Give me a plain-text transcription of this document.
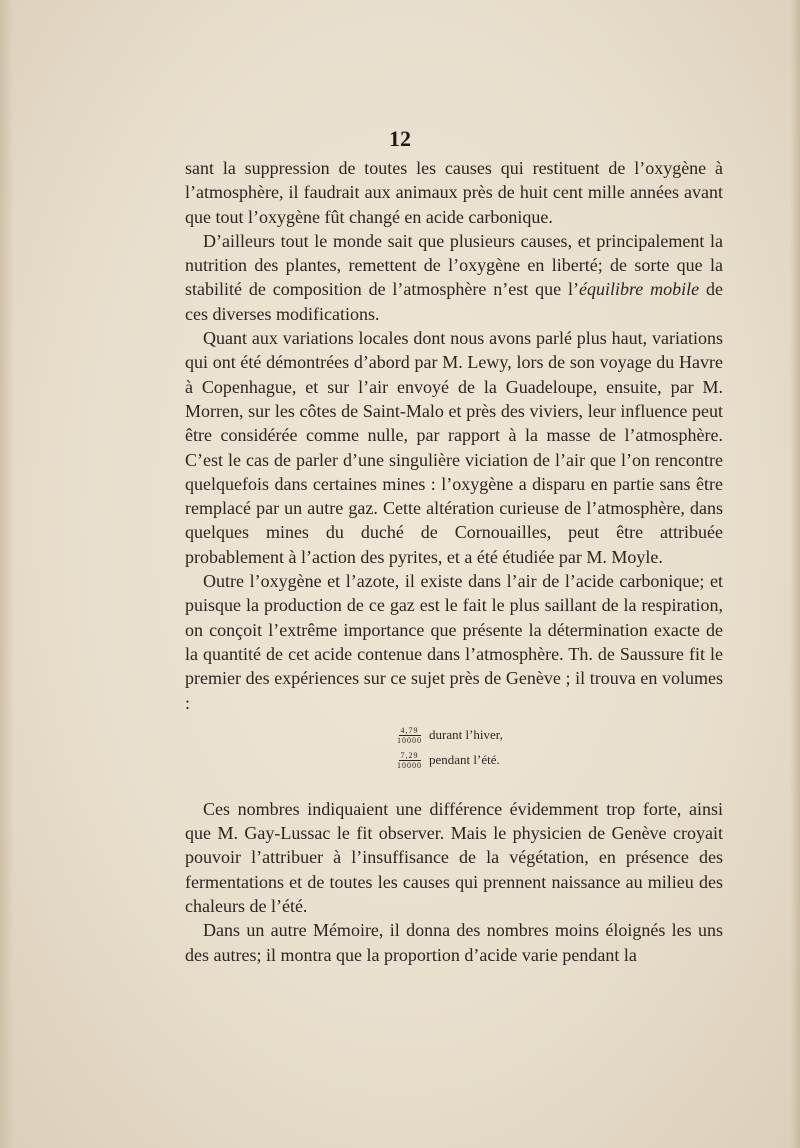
12

sant la suppression de toutes les causes qui restituent de l’oxygène à l’atmosphère, il faudrait aux animaux près de huit cent mille années avant que tout l’oxygène fût changé en acide carbonique.

D’ailleurs tout le monde sait que plusieurs causes, et principalement la nutrition des plantes, remettent de l’oxygène en liberté; de sorte que la stabilité de composition de l’atmosphère n’est que l’équilibre mobile de ces diverses modifications.

Quant aux variations locales dont nous avons parlé plus haut, variations qui ont été démontrées d’abord par M. Lewy, lors de son voyage du Havre à Copenhague, et sur l’air envoyé de la Guadeloupe, ensuite, par M. Morren, sur les côtes de Saint-Malo et près des viviers, leur influence peut être considérée comme nulle, par rapport à la masse de l’atmosphère. C’est le cas de parler d’une singulière viciation de l’air que l’on rencontre quelquefois dans certaines mines : l’oxygène a disparu en partie sans être remplacé par un autre gaz. Cette altération curieuse de l’atmosphère, dans quelques mines du duché de Cornouailles, peut être attribuée probablement à l’action des pyrites, et a été étudiée par M. Moyle.

Outre l’oxygène et l’azote, il existe dans l’air de l’acide carbonique; et puisque la production de ce gaz est le fait le plus saillant de la respiration, on conçoit l’extrême importance que présente la détermination exacte de la quantité de cet acide contenue dans l’atmosphère. Th. de Saussure fit le premier des expériences sur ce sujet près de Genève ; il trouva en volumes :

$\frac{4,79}{10000}$ durant l’hiver,
$\frac{7,29}{10000}$ pendant l’été.

Ces nombres indiquaient une différence évidemment trop forte, ainsi que M. Gay-Lussac le fit observer. Mais le physicien de Genève croyait pouvoir l’attribuer à l’insuffisance de la végétation, en présence des fermentations et de toutes les causes qui prennent naissance au milieu des chaleurs de l’été.

Dans un autre Mémoire, il donna des nombres moins éloignés les uns des autres; il montra que la proportion d’acide varie pendant la
